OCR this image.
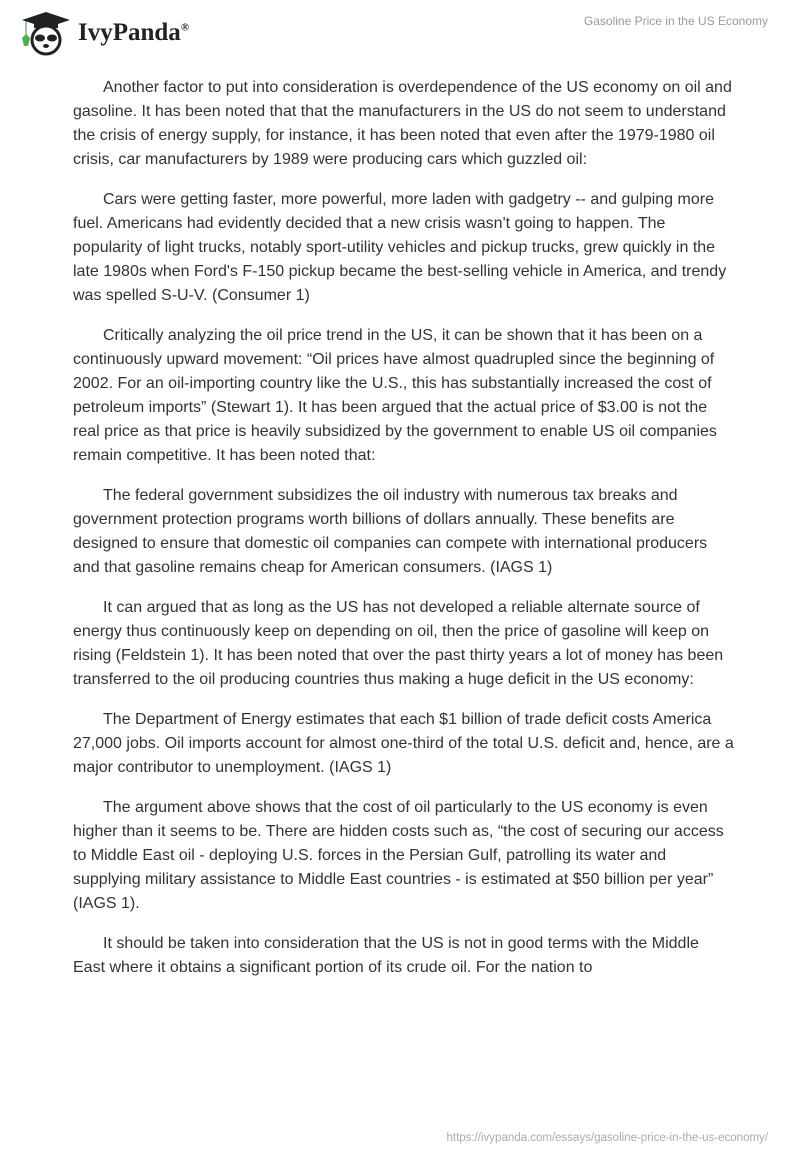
IvyPanda®	Gasoline Price in the US Economy

Another factor to put into consideration is overdependence of the US economy on oil and gasoline. It has been noted that that the manufacturers in the US do not seem to understand the crisis of energy supply, for instance, it has been noted that even after the 1979-1980 oil crisis, car manufacturers by 1989 were producing cars which guzzled oil:

Cars were getting faster, more powerful, more laden with gadgetry -- and gulping more fuel. Americans had evidently decided that a new crisis wasn't going to happen. The popularity of light trucks, notably sport-utility vehicles and pickup trucks, grew quickly in the late 1980s when Ford's F-150 pickup became the best-selling vehicle in America, and trendy was spelled S-U-V. (Consumer 1)

Critically analyzing the oil price trend in the US, it can be shown that it has been on a continuously upward movement: “Oil prices have almost quadrupled since the beginning of 2002. For an oil-importing country like the U.S., this has substantially increased the cost of petroleum imports” (Stewart 1). It has been argued that the actual price of $3.00 is not the real price as that price is heavily subsidized by the government to enable US oil companies remain competitive. It has been noted that:

The federal government subsidizes the oil industry with numerous tax breaks and government protection programs worth billions of dollars annually. These benefits are designed to ensure that domestic oil companies can compete with international producers and that gasoline remains cheap for American consumers. (IAGS 1)

It can argued that as long as the US has not developed a reliable alternate source of energy thus continuously keep on depending on oil, then the price of gasoline will keep on rising (Feldstein 1). It has been noted that over the past thirty years a lot of money has been transferred to the oil producing countries thus making a huge deficit in the US economy:

The Department of Energy estimates that each $1 billion of trade deficit costs America 27,000 jobs. Oil imports account for almost one-third of the total U.S. deficit and, hence, are a major contributor to unemployment. (IAGS 1)

The argument above shows that the cost of oil particularly to the US economy is even higher than it seems to be. There are hidden costs such as, “the cost of securing our access to Middle East oil - deploying U.S. forces in the Persian Gulf, patrolling its water and supplying military assistance to Middle East countries - is estimated at $50 billion per year” (IAGS 1).

It should be taken into consideration that the US is not in good terms with the Middle East where it obtains a significant portion of its crude oil. For the nation to

https://ivypanda.com/essays/gasoline-price-in-the-us-economy/
